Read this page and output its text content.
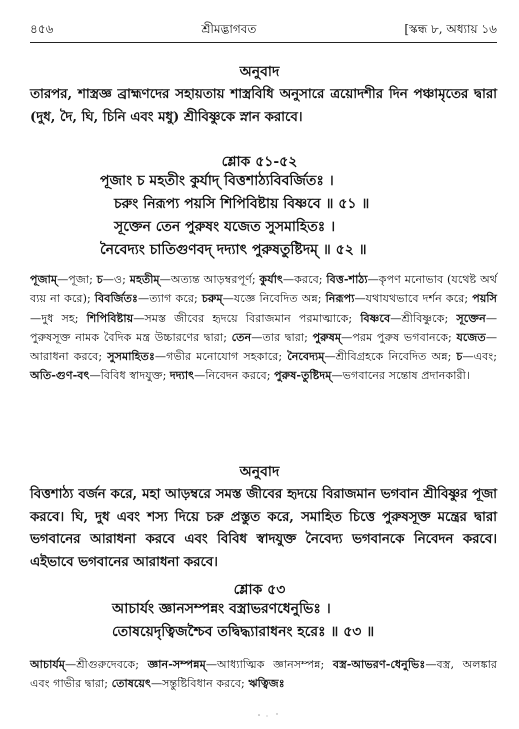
৪৫৬	শ্রীমদ্ভাগবত	[স্কন্ধ ৮, অধ্যায় ১৬
অনুবাদ
তারপর, শাস্ত্রজ্ঞ ব্রাহ্মণদের সহায়তায় শাস্ত্রবিধি অনুসারে ত্রয়োদশীর দিন পঞ্চামৃতের দ্বারা (দুধ, দৈ, ঘি, চিনি এবং মধু) শ্রীবিষ্ণুকে স্নান করাবে।
শ্লোক ৫১-৫২
পূজাং চ মহতীং কুর্যাদ্ বিত্তশাঠ্যবিবর্জিতঃ ।
চরুং নিরূপ্য পয়সি শিপিবিষ্টায় বিষ্ণবে ॥ ৫১ ॥
সূক্তেন তেন পুরুষং যজেত সুসমাহিতঃ ।
নৈবেদ্যং চাতিগুণবদ্ দদ্যাৎ পুরুষতুষ্টিদম্ ॥ ৫২ ॥
পূজাম্—পূজা; চ—ও; মহতীম্—অত্যন্ত আড়ম্বরপূর্ণ; কুর্যাৎ—করবে; বিত্ত-শাঠ্য—কৃপণ মনোভাব (যথেষ্ট অর্থ ব্যয় না করে); বিবর্জিতঃ—ত্যাগ করে; চরুম্—যজ্ঞে নিবেদিত অন্ন; নিরূপ্য—যথাযথভাবে দর্শন করে; পয়সি—দুধ সহ; শিপিবিষ্টায়—সমস্ত জীবের হৃদয়ে বিরাজমান পরমাত্মাকে; বিষ্ণবে—শ্রীবিষ্ণুকে; সূক্তেন—পুরুষসূক্ত নামক বৈদিক মন্ত্র উচ্চারণের দ্বারা; তেন—তার দ্বারা; পুরুষম্—পরম পুরুষ ভগবানকে; যজেত—আরাধনা করবে; সুসমাহিতঃ—গভীর মনোযোগ সহকারে; নৈবেদ্যম্—শ্রীবিগ্রহকে নিবেদিত অন্ন; চ—এবং; অতি-গুণ-বৎ—বিবিধ স্বাদযুক্ত; দদ্যাৎ—নিবেদন করবে; পুরুষ-তুষ্টিদম্—ভগবানের সন্তোষ প্রদানকারী।
অনুবাদ
বিত্তশাঠ্য বর্জন করে, মহা আড়ম্বরে সমস্ত জীবের হৃদয়ে বিরাজমান ভগবান শ্রীবিষ্ণুর পূজা করবে। ঘি, দুধ এবং শস্য দিয়ে চরু প্রস্তুত করে, সমাহিত চিত্তে পুরুষসূক্ত মন্ত্রের দ্বারা ভগবানের আরাধনা করবে এবং বিবিধ স্বাদযুক্ত নৈবেদ্য ভগবানকে নিবেদন করবে। এইভাবে ভগবানের আরাধনা করবে।
শ্লোক ৫৩
আচার্যং জ্ঞানসম্পন্নং বস্ত্রাভরণধেনুভিঃ ।
তোষয়েদৃত্বিজশ্চৈব তদ্বিদ্ধ্যারাধনং হরেঃ ॥ ৫৩ ॥
আচার্যম্—শ্রীগুরুদেবকে; জ্ঞান-সম্পন্নম্—আধ্যাত্মিক জ্ঞানসম্পন্ন; বস্ত্র-আভরণ-ধেনুভিঃ—বস্ত্র, অলঙ্কার এবং গাভীর দ্বারা; তোষয়েৎ—সন্তুষ্টিবিধান করবে; ঋত্বিজঃ
